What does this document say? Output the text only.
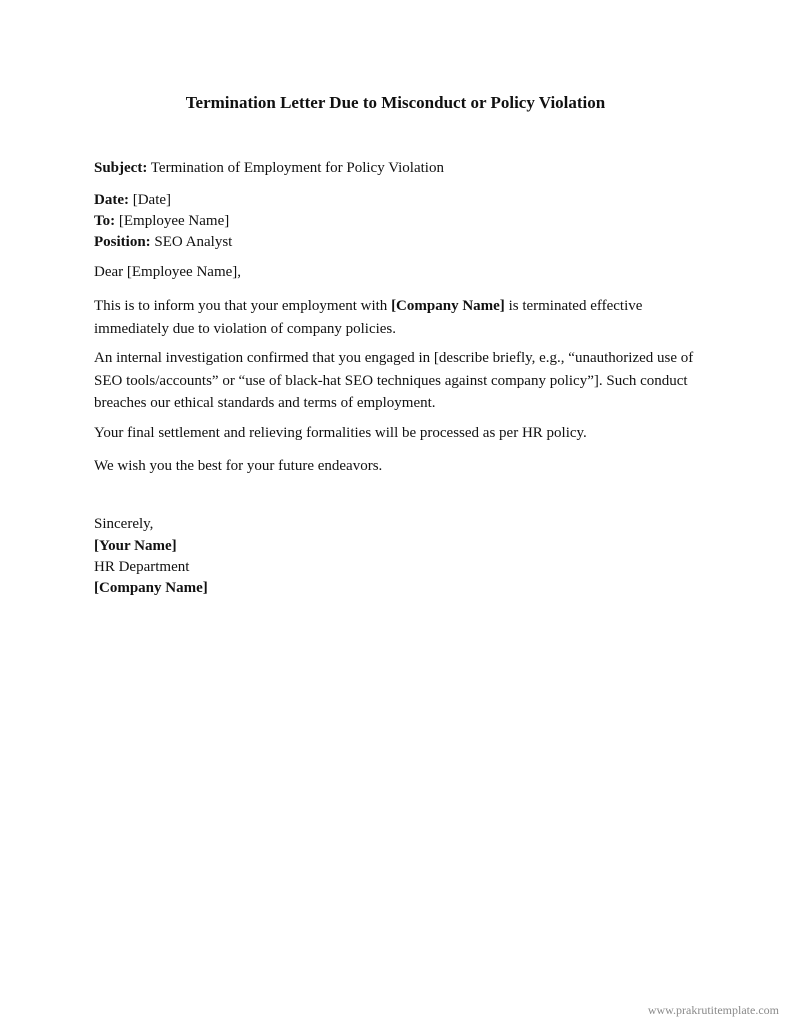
Termination Letter Due to Misconduct or Policy Violation
Subject: Termination of Employment for Policy Violation
Date: [Date]
To: [Employee Name]
Position: SEO Analyst
Dear [Employee Name],
This is to inform you that your employment with [Company Name] is terminated effective immediately due to violation of company policies.
An internal investigation confirmed that you engaged in [describe briefly, e.g., “unauthorized use of SEO tools/accounts” or “use of black-hat SEO techniques against company policy”]. Such conduct breaches our ethical standards and terms of employment.
Your final settlement and relieving formalities will be processed as per HR policy.
We wish you the best for your future endeavors.
Sincerely,
[Your Name]
HR Department
[Company Name]
www.prakrutitemplate.com
